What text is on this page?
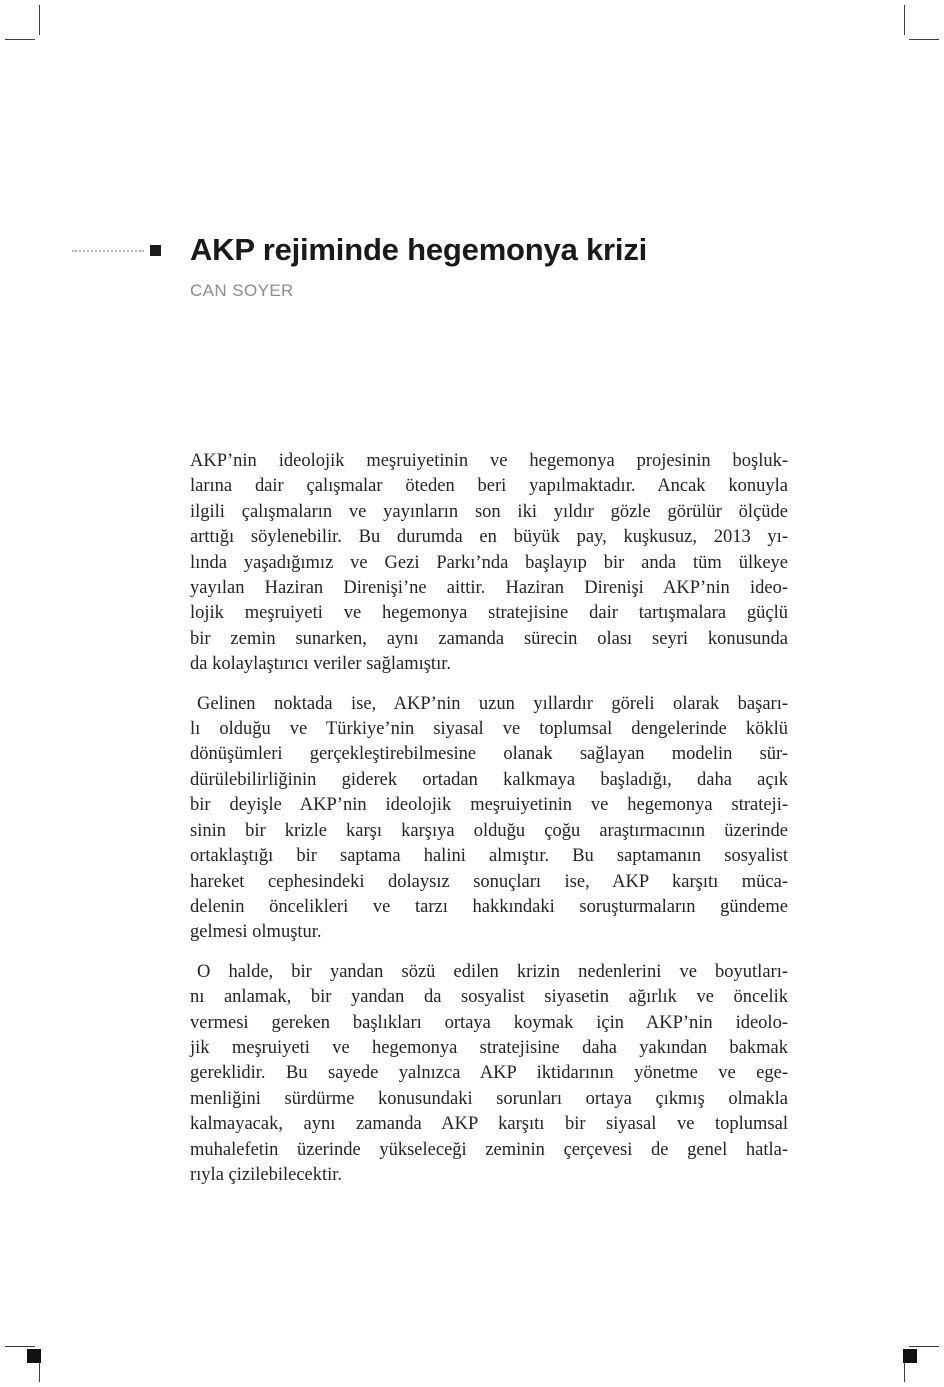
AKP rejiminde hegemonya krizi
CAN SOYER
AKP’nin ideolojik meşruiyetinin ve hegemonya projesinin boşluk-
larına dair çalışmalar öteden beri yapılmaktadır. Ancak konuyla
ilgili çalışmaların ve yayınların son iki yıldır gözle görülür ölçüde
arttığı söylenebilir. Bu durumda en büyük pay, kuşkusuz, 2013 yı-
lında yaşadığımız ve Gezi Parkı’nda başlayıp bir anda tüm ülkeye
yayılan Haziran Direnişi’ne aittir. Haziran Direnişi AKP’nin ideo-
lojik meşruiyeti ve hegemonya stratejisine dair tartışmalara güçlü
bir zemin sunarken, aynı zamanda sürecin olası seyri konusunda
da kolaylaştırıcı veriler sağlamıştır.
Gelinen noktada ise, AKP’nin uzun yıllardır göreli olarak başarı-
lı olduğu ve Türkiye’nin siyasal ve toplumsal dengelerinde köklü
dönüşümleri gerçekleştirebilmesine olanak sağlayan modelin sür-
dürülebilirliğinin giderek ortadan kalkmaya başladığı, daha açık
bir deyişle AKP’nin ideolojik meşruiyetinin ve hegemonya strateji-
sinin bir krizle karşı karşıya olduğu çoğu araştırmacının üzerinde
ortaklaştığı bir saptama halini almıştır. Bu saptamanın sosyalist
hareket cephesindeki dolaysız sonuçları ise, AKP karşıtı müca-
delenin öncelikleri ve tarzı hakkındaki soruşturmaların gündeme
gelmesi olmuştur.
O halde, bir yandan sözü edilen krizin nedenlerini ve boyutları-
nı anlamak, bir yandan da sosyalist siyasetin ağırlık ve öncelik
vermesi gereken başlıkları ortaya koymak için AKP’nin ideolo-
jik meşruiyeti ve hegemonya stratejisine daha yakından bakmak
gereklidir. Bu sayede yalnızca AKP iktidarının yönetme ve ege-
menliğini sürdürme konusundaki sorunları ortaya çıkmış olmakla
kalmayacak, aynı zamanda AKP karşıtı bir siyasal ve toplumsal
muhalefetin üzerinde yükseleceği zeminin çerçevesi de genel hatla-
rıyla çizilebilecektir.
